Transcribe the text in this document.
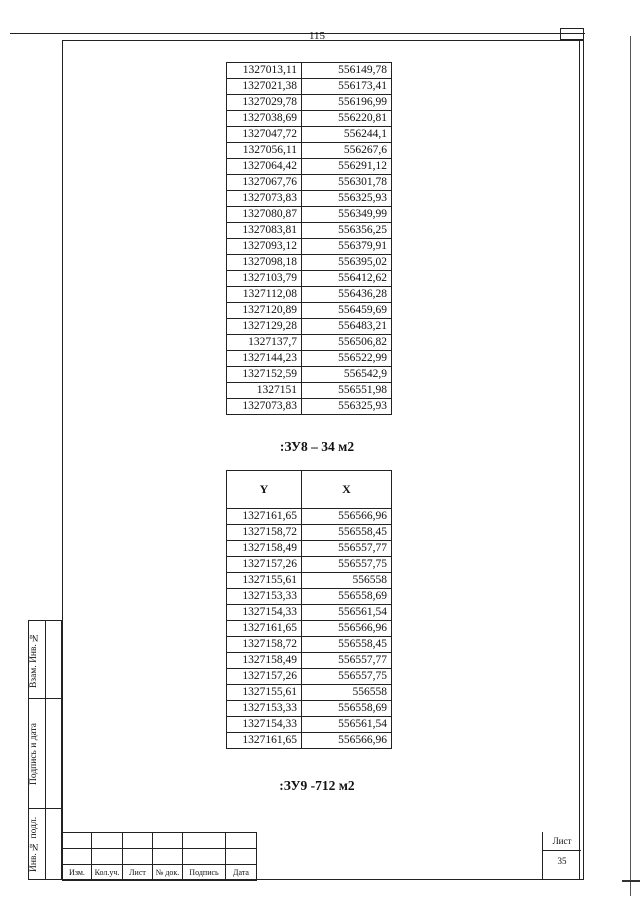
115
1327013,11	556149,78
1327021,38	556173,41
1327029,78	556196,99
1327038,69	556220,81
1327047,72	556244,1
1327056,11	556267,6
1327064,42	556291,12
1327067,76	556301,78
1327073,83	556325,93
1327080,87	556349,99
1327083,81	556356,25
1327093,12	556379,91
1327098,18	556395,02
1327103,79	556412,62
1327112,08	556436,28
1327120,89	556459,69
1327129,28	556483,21
1327137,7	556506,82
1327144,23	556522,99
1327152,59	556542,9
1327151	556551,98
1327073,83	556325,93
:ЗУ8 – 34 м2
Y	X
1327161,65	556566,96
1327158,72	556558,45
1327158,49	556557,77
1327157,26	556557,75
1327155,61	556558
1327153,33	556558,69
1327154,33	556561,54
1327161,65	556566,96
1327158,72	556558,45
1327158,49	556557,77
1327157,26	556557,75
1327155,61	556558
1327153,33	556558,69
1327154,33	556561,54
1327161,65	556566,96
:ЗУ9 -712 м2
Взам. Инв. №
Подпись и дата
Инв. № подл.

Изм.	Кол.уч.	Лист	№ док.	Подпись	Дата
Лист
35
